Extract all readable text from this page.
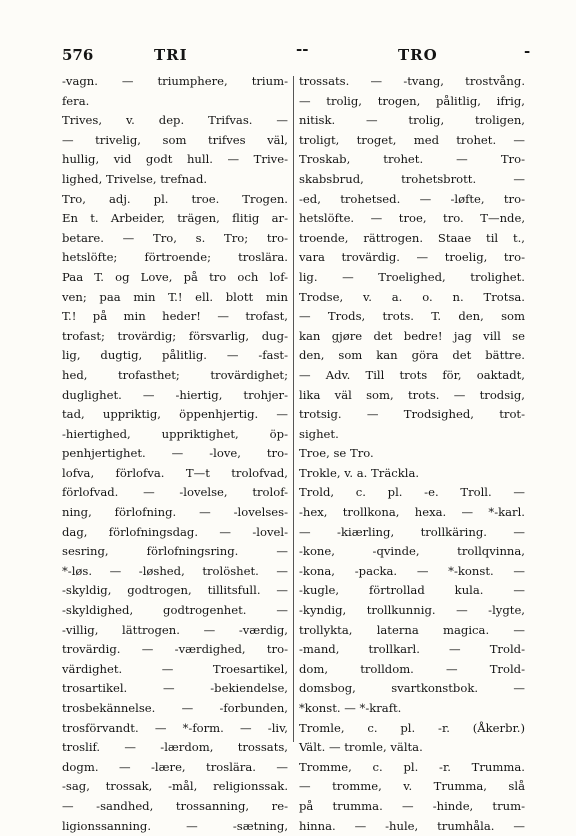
576	TRI	--	TRO	-
-vagn. — triumphere, trium-
fera.
Trives, v. dep. Trifvas. —
— trivelig, som trifves väl,
hullig, vid godt hull. — Trive-
lighed, Trivelse, trefnad.
Tro, adj. pl. troe. Trogen.
En t. Arbeider, trägen, flitig ar-
betare. — Tro, s. Tro; tro-
hetslöfte; förtroende; troslära.
Paa T. og Love, på tro och lof-
ven; paa min T.! ell. blott min
T.! på min heder! — trofast,
trofast; trovärdig; försvarlig, dug-
lig, dugtig, pålitlig. — -fast-
hed, trofasthet; trovärdighet;
duglighet. — -hiertig, trohjer-
tad, uppriktig, öppenhjertig. —
-hiertighed, uppriktighet, öp-
penhjertighet. — -love, tro-
lofva, förlofva. T—t trolofvad,
förlofvad. — -lovelse, trolof-
ning, förlofning. — -lovelses-
dag, förlofningsdag. — -lovel-
sesring, förlofningsring. —
*-løs. — -løshed, trolöshet. —
-skyldig, godtrogen, tillitsfull. —
-skyldighed, godtrogenhet. —
-villig, lättrogen. — -værdig,
trovärdig. — -værdighed, tro-
värdighet. — Troesartikel,
trosartikel. — -bekiendelse,
trosbekännelse. — -forbunden,
trosförvandt. — *-form. — -liv,
troslif. — -lærdom, trossats,
dogm. — -lære, troslära. —
-sag, trossak, -mål, religionssak.
— -sandhed, trossanning, re-
ligionssanning. — -sætning,
trossats. — -tvang, trostvång.
— trolig, trogen, pålitlig, ifrig,
nitisk. — trolig, troligen,
troligt, troget, med trohet. —
Troskab, trohet. — Tro-
skabsbrud, trohetsbrott. —
-ed, trohetsed. — -løfte, tro-
hetslöfte. — troe, tro. T—nde,
troende, rättrogen. Staae til t.,
vara trovärdig. — troelig, tro-
lig. — Troelighed, trolighet.
Trodse, v. a. o. n. Trotsa.
— Trods, trots. T. den, som
kan gjøre det bedre! jag vill se
den, som kan göra det bättre.
— Adv. Till trots för, oaktadt,
lika väl som, trots. — trodsig,
trotsig. — Trodsighed, trot-
sighet.
Troe, se Tro.
Trokle, v. a. Träckla.
Trold, c. pl. -e. Troll. —
-hex, trollkona, hexa. — *-karl.
— -kiærling, trollkäring. —
-kone, -qvinde, trollqvinna,
-kona, -packa. — *-konst. —
-kugle, förtrollad kula. —
-kyndig, trollkunnig. — -lygte,
trollykta, laterna magica. —
-mand, trollkarl. — Trold-
dom, trolldom. — Trold-
domsbog, svartkonstbok. —
*konst. — *-kraft.
Tromle, c. pl. -r. (Åkerbr.)
Vält. — tromle, välta.
Tromme, c. pl. -r. Trumma.
— tromme, v. Trumma, slå
på trumma. — -hinde, trum-
hinna. — -hule, trumhåla. —
